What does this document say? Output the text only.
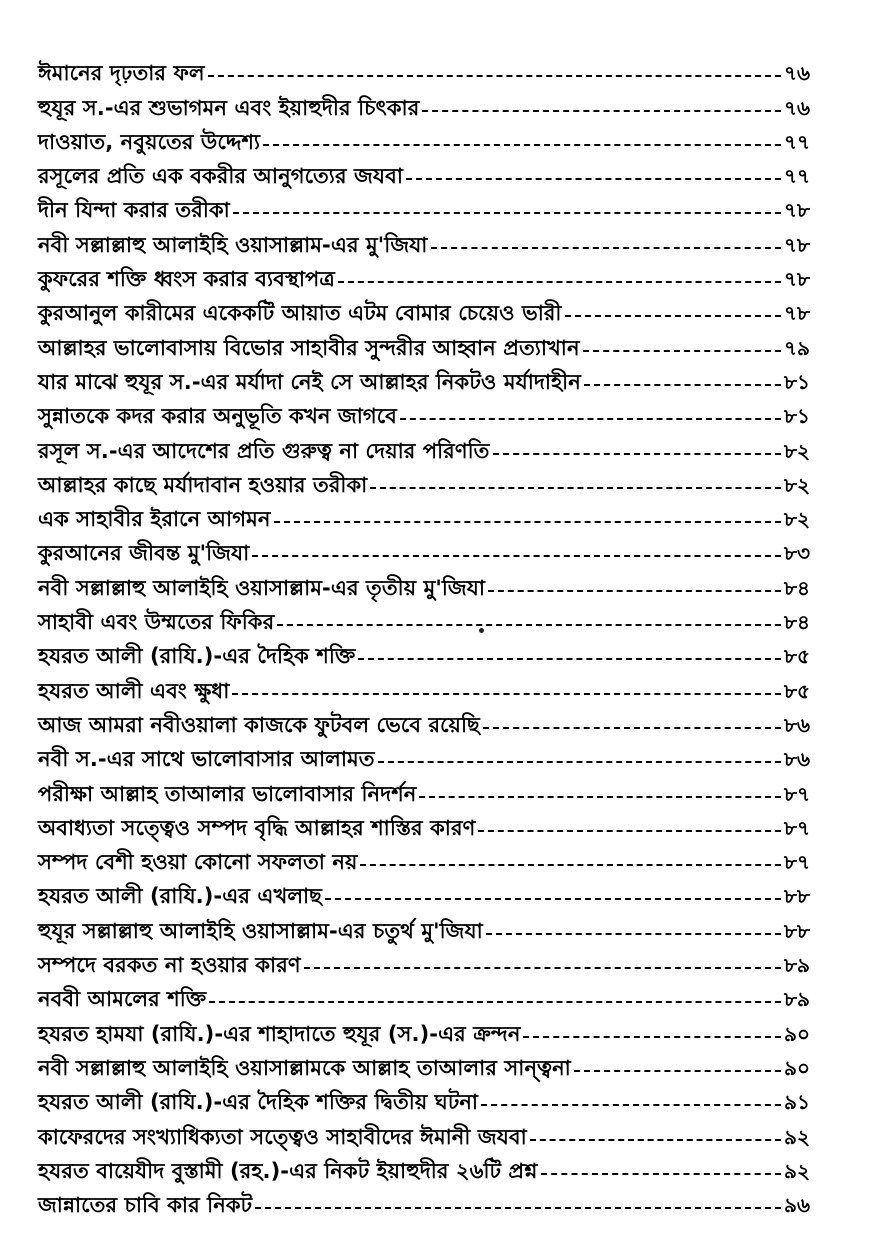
ঈমানের দৃঢ়তার ফল	৭৬
হুযূর স.-এর শুভাগমন এবং ইয়াহুদীর চিৎকার	৭৬
দাওয়াত, নবুয়তের উদ্দেশ্য	৭৭
রসূলের প্রতি এক বকরীর আনুগত্যের জযবা	৭৭
দীন যিন্দা করার তরীকা	৭৮
নবী সল্লাল্লাহু আলাইহি ওয়াসাল্লাম-এর মু'জিযা	৭৮
কুফরের শক্তি ধ্বংস করার ব্যবস্থাপত্র	৭৮
কুরআনুল কারীমের একেকটি আয়াত এটম বোমার চেয়েও ভারী	৭৮
আল্লাহর ভালোবাসায় বিভোর সাহাবীর সুন্দরীর আহ্বান প্রত্যাখান	৭৯
যার মাঝে হুযূর স.-এর মর্যাদা নেই সে আল্লাহর নিকটও মর্যাদাহীন	৮১
সুন্নাতকে কদর করার অনুভূতি কখন জাগবে	৮১
রসূল স.-এর আদেশের প্রতি গুরুত্ব না দেয়ার পরিণতি	৮২
আল্লাহর কাছে মর্যাদাবান হওয়ার তরীকা	৮২
এক সাহাবীর ইরানে আগমন	৮২
কুরআনের জীবন্ত মু'জিযা	৮৩
নবী সল্লাল্লাহু আলাইহি ওয়াসাল্লাম-এর তৃতীয় মু'জিযা	৮৪
সাহাবী এবং উম্মতের ফিকির	৮৪
হযরত আলী (রাযি.)-এর দৈহিক শক্তি	৮৫
হযরত আলী এবং ক্ষুধা	৮৫
আজ আমরা নবীওয়ালা কাজকে ফুটবল ভেবে রয়েছি	৮৬
নবী স.-এর সাথে ভালোবাসার আলামত	৮৬
পরীক্ষা আল্লাহ তাআলার ভালোবাসার নিদর্শন	৮৭
অবাধ্যতা সত্ত্বেও সম্পদ বৃদ্ধি আল্লাহর শাস্তির কারণ	৮৭
সম্পদ বেশী হওয়া কোনো সফলতা নয়	৮৭
হযরত আলী (রাযি.)-এর এখলাছ	৮৮
হুযূর সল্লাল্লাহু আলাইহি ওয়াসাল্লাম-এর চতুর্থ মু'জিযা	৮৮
সম্পদে বরকত না হওয়ার কারণ	৮৯
নববী আমলের শক্তি	৮৯
হযরত হামযা (রাযি.)-এর শাহাদাতে হুযূর (স.)-এর ক্রন্দন	৯০
নবী সল্লাল্লাহু আলাইহি ওয়াসাল্লামকে আল্লাহ তাআলার সান্ত্বনা	৯০
হযরত আলী (রাযি.)-এর দৈহিক শক্তির দ্বিতীয় ঘটনা	৯১
কাফেরদের সংখ্যাধিক্যতা সত্ত্বেও সাহাবীদের ঈমানী জযবা	৯২
হযরত বায়েযীদ বুস্তামী (রহ.)-এর নিকট ইয়াহুদীর ২৬টি প্রশ্ন	৯২
জান্নাতের চাবি কার নিকট	৯৬
